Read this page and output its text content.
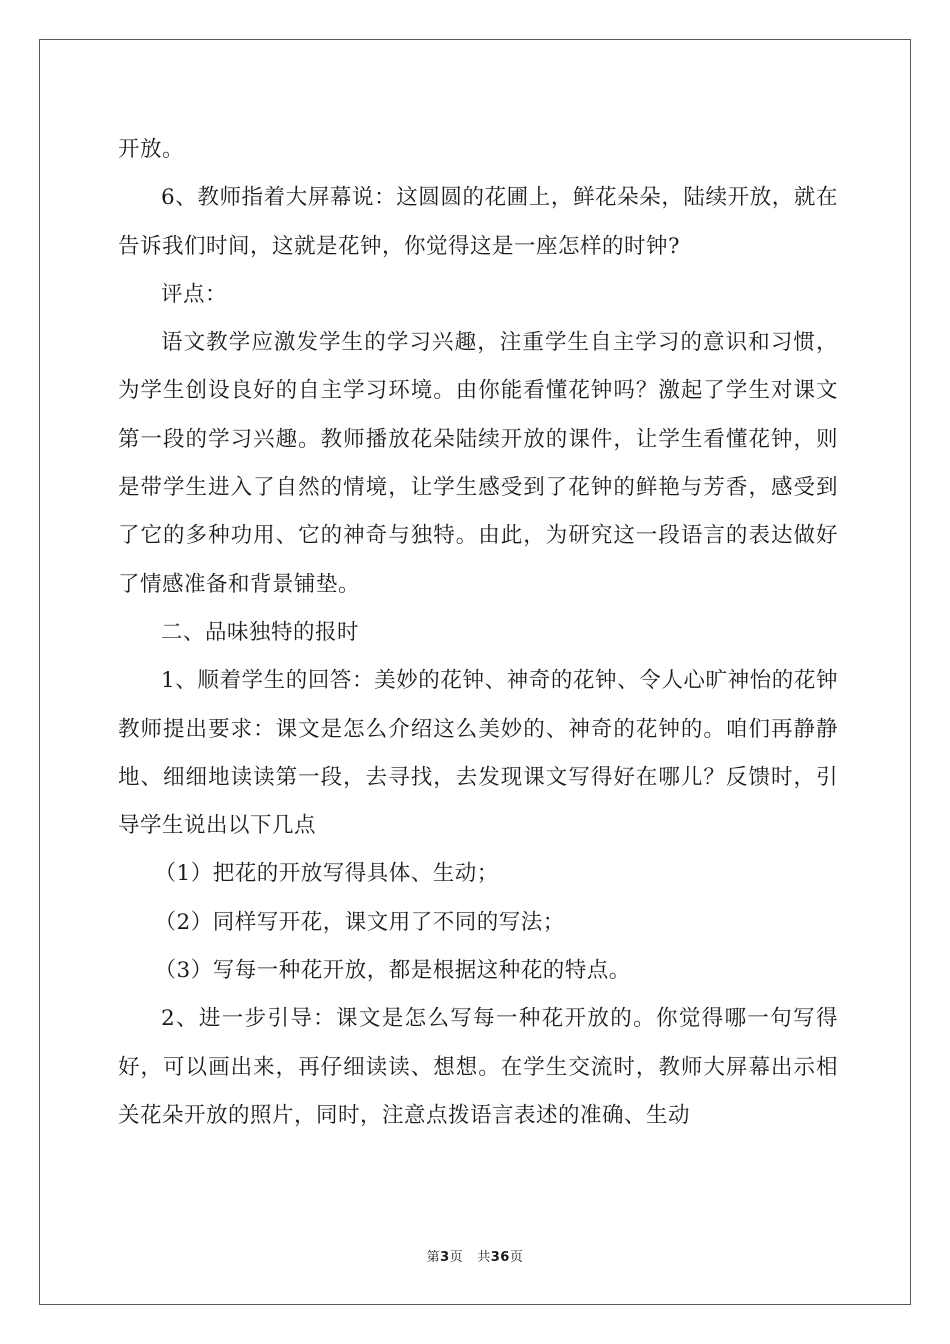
开放。

6、教师指着大屏幕说：这圆圆的花圃上，鲜花朵朵，陆续开放，就在告诉我们时间，这就是花钟，你觉得这是一座怎样的时钟?

评点：

语文教学应激发学生的学习兴趣，注重学生自主学习的意识和习惯，为学生创设良好的自主学习环境。由你能看懂花钟吗？激起了学生对课文第一段的学习兴趣。教师播放花朵陆续开放的课件，让学生看懂花钟，则是带学生进入了自然的情境，让学生感受到了花钟的鲜艳与芳香，感受到了它的多种功用、它的神奇与独特。由此，为研究这一段语言的表达做好了情感准备和背景铺垫。

二、品味独特的报时

1、顺着学生的回答：美妙的花钟、神奇的花钟、令人心旷神怡的花钟教师提出要求：课文是怎么介绍这么美妙的、神奇的花钟的。咱们再静静地、细细地读读第一段，去寻找，去发现课文写得好在哪儿？反馈时，引导学生说出以下几点

（1）把花的开放写得具体、生动；

（2）同样写开花，课文用了不同的写法；

（3）写每一种花开放，都是根据这种花的特点。

2、进一步引导：课文是怎么写每一种花开放的。你觉得哪一句写得好，可以画出来，再仔细读读、想想。在学生交流时，教师大屏幕出示相关花朵开放的照片，同时，注意点拨语言表述的准确、生动

第3页 共36页
